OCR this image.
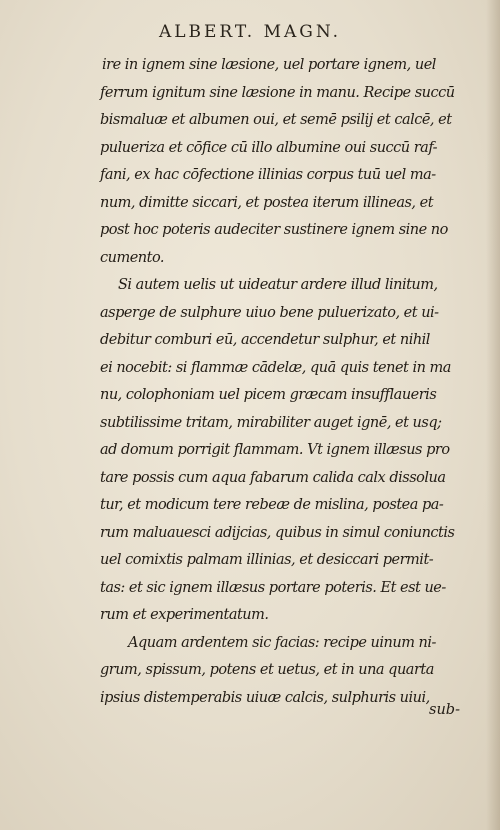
ALBERT. MAGN.
ire in ignem sine læsione, uel portare ignem, uel
ferrum ignitum sine læsione in manu. Recipe succū
bismaluæ et albumen oui, et semē psilij et calcē, et
pulueriza et cōfice cū illo albumine oui succū raf-
fani, ex hac cōfectione illinias corpus tuū uel ma-
num, dimitte siccari, et postea iterum illineas, et
post hoc poteris audeciter sustinere ignem sine no
cumento.
Si autem uelis ut uideatur ardere illud linitum,
asperge de sulphure uiuo bene puluerizato, et ui-
debitur comburi eū, accendetur sulphur, et nihil
ei nocebit: si flammæ cādelæ, quā quis tenet in ma
nu, colophoniam uel picem græcam insufflaueris
subtilissime tritam, mirabiliter auget ignē, et usq;
ad domum porrigit flammam. Vt ignem illæsus pro
tare possis cum aqua fabarum calida calx dissolua
tur, et modicum tere rebeæ de mislina, postea pa-
rum maluauesci adijcias, quibus in simul coniunctis
uel comixtis palmam illinias, et desiccari permit-
tas: et sic ignem illæsus portare poteris. Et est ue-
rum et experimentatum.
Aquam ardentem sic facias: recipe uinum ni-
grum, spissum, potens et uetus, et in una quarta
ipsius distemperabis uiuæ calcis, sulphuris uiui,
sub-
